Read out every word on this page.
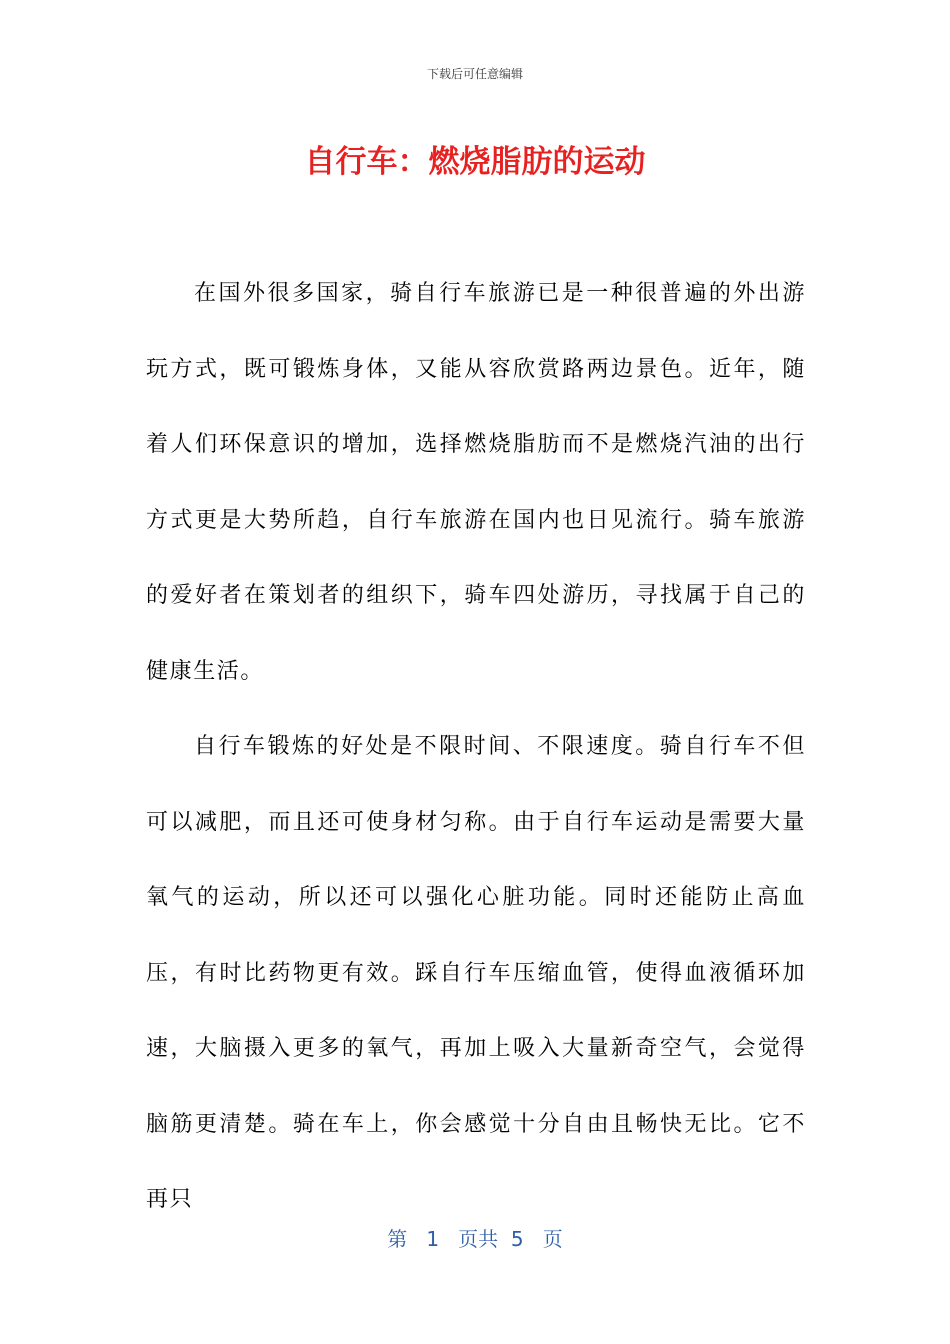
下载后可任意编辑
自行车：燃烧脂肪的运动

在国外很多国家，骑自行车旅游已是一种很普遍的外出游玩方式，既可锻炼身体，又能从容欣赏路两边景色。近年，随着人们环保意识的增加，选择燃烧脂肪而不是燃烧汽油的出行方式更是大势所趋，自行车旅游在国内也日见流行。骑车旅游的爱好者在策划者的组织下，骑车四处游历，寻找属于自己的健康生活。

自行车锻炼的好处是不限时间、不限速度。骑自行车不但可以减肥，而且还可使身材匀称。由于自行车运动是需要大量氧气的运动，所以还可以强化心脏功能。同时还能防止高血压，有时比药物更有效。踩自行车压缩血管，使得血液循环加速，大脑摄入更多的氧气，再加上吸入大量新奇空气，会觉得脑筋更清楚。骑在车上，你会感觉十分自由且畅快无比。它不再只

第 1 页共 5 页
